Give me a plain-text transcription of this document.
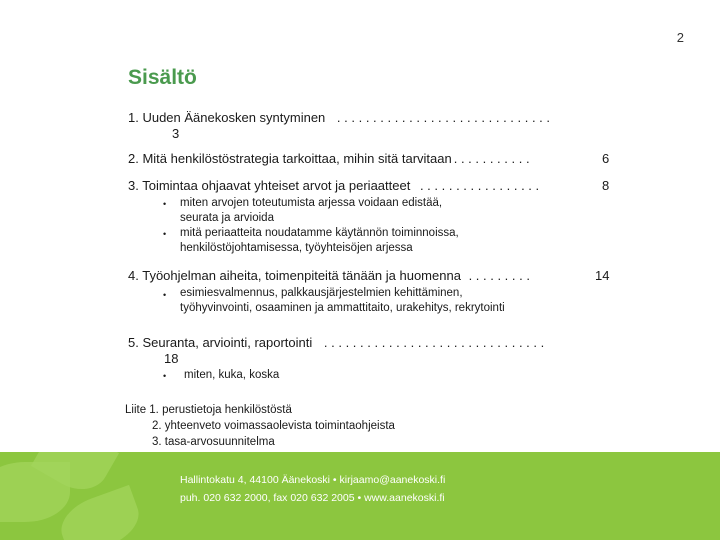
2
Sisältö
1. Uuden Äänekosken syntyminen . . . . . . . . . . . . . . . . . . . . . . . . . . . . . .
3
2. Mitä henkilöstöstrategia tarkoittaa, mihin sitä tarvitaan . . . . . . . . . . .	6
3. Toimintaa ohjaavat yhteiset arvot ja periaatteet . . . . . . . . . . . . . . . . .	8
• miten arvojen toteutumista arjessa voidaan edistää,
seurata ja arvioida
• mitä periaatteita noudatamme käytännön toiminnoissa,
henkilöstöjohtamisessa, työyhteisöjen arjessa
4. Työohjelman aiheita, toimenpiteitä tänään ja huomenna . . . . . . . . .	14
• esimiesvalmennus, palkkausjärjestelmien kehittäminen,
työhyvinvointi, osaaminen ja ammattitaito, urakehitys, rekrytointi
5. Seuranta, arviointi, raportointi . . . . . . . . . . . . . . . . . . . . . . . . . . . . . . .
18
• miten, kuka, koska
Liite 1. perustietoja henkilöstöstä
2. yhteenveto voimassaolevista toimintaohjeista
3. tasa-arvosuunnitelma
Hallintokatu 4, 44100 Äänekoski • kirjaamo@aanekoski.fi
puh. 020 632 2000, fax 020 632 2005 • www.aanekoski.fi
